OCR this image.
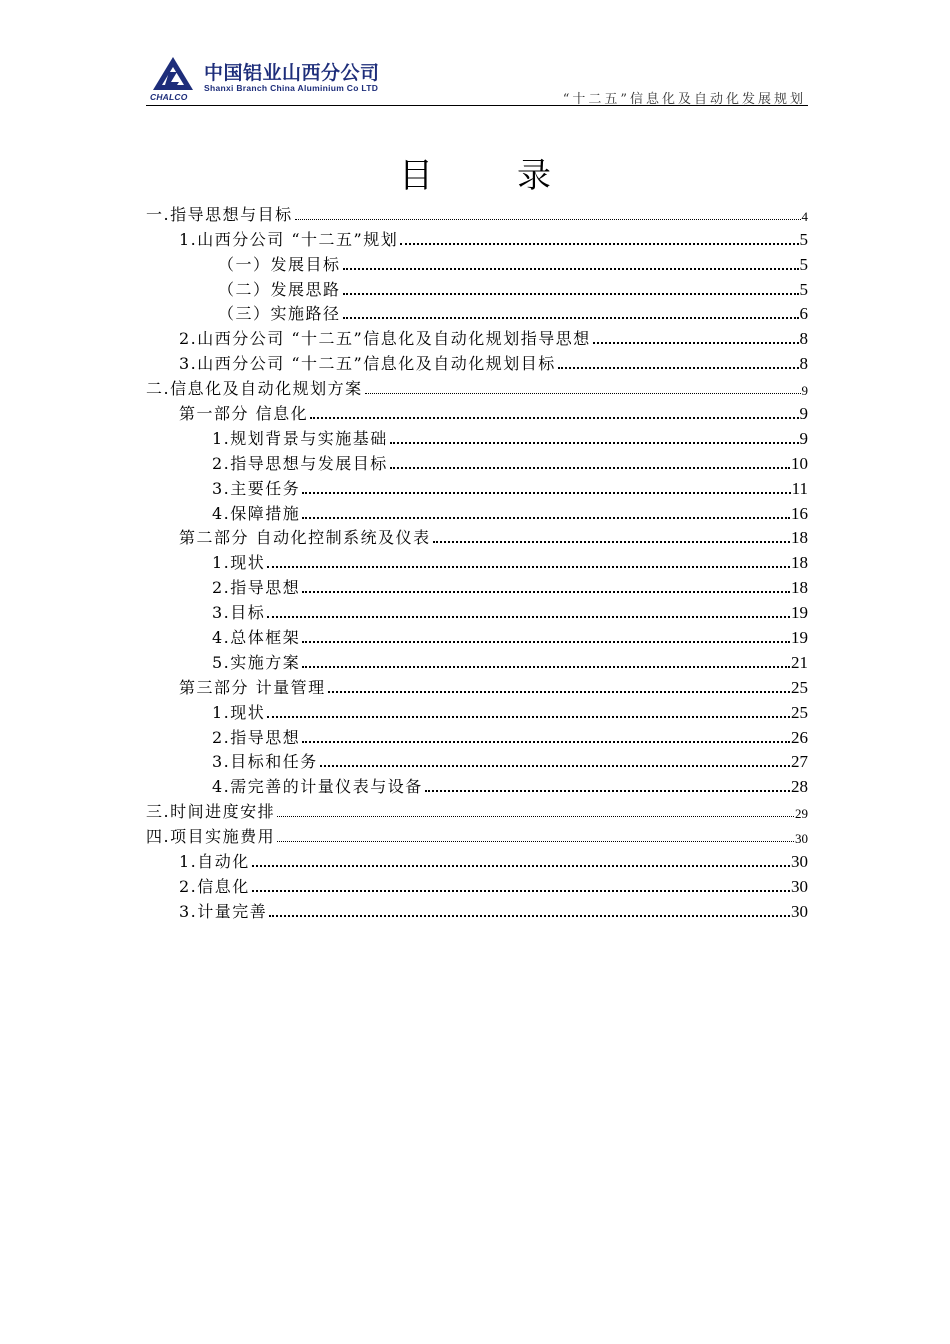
CHALCO
中国铝业山西分公司
Shanxi Branch China Aluminium Co LTD
“十二五”信息化及自动化发展规划
目 录
一.指导思想与目标	4
1.山西分公司 “十二五”规划	5
（一）发展目标	5
（二）发展思路	5
（三）实施路径	6
2.山西分公司 “十二五”信息化及自动化规划指导思想	8
3.山西分公司 “十二五”信息化及自动化规划目标	8
二.信息化及自动化规划方案	9
第一部分 信息化	9
1.规划背景与实施基础	9
2.指导思想与发展目标	10
3.主要任务	11
4.保障措施	16
第二部分 自动化控制系统及仪表	18
1.现状	18
2.指导思想	18
3.目标	19
4.总体框架	19
5.实施方案	21
第三部分 计量管理	25
1.现状	25
2.指导思想	26
3.目标和任务	27
4.需完善的计量仪表与设备	28
三.时间进度安排	29
四.项目实施费用	30
1.自动化	30
2.信息化	30
3.计量完善	30
